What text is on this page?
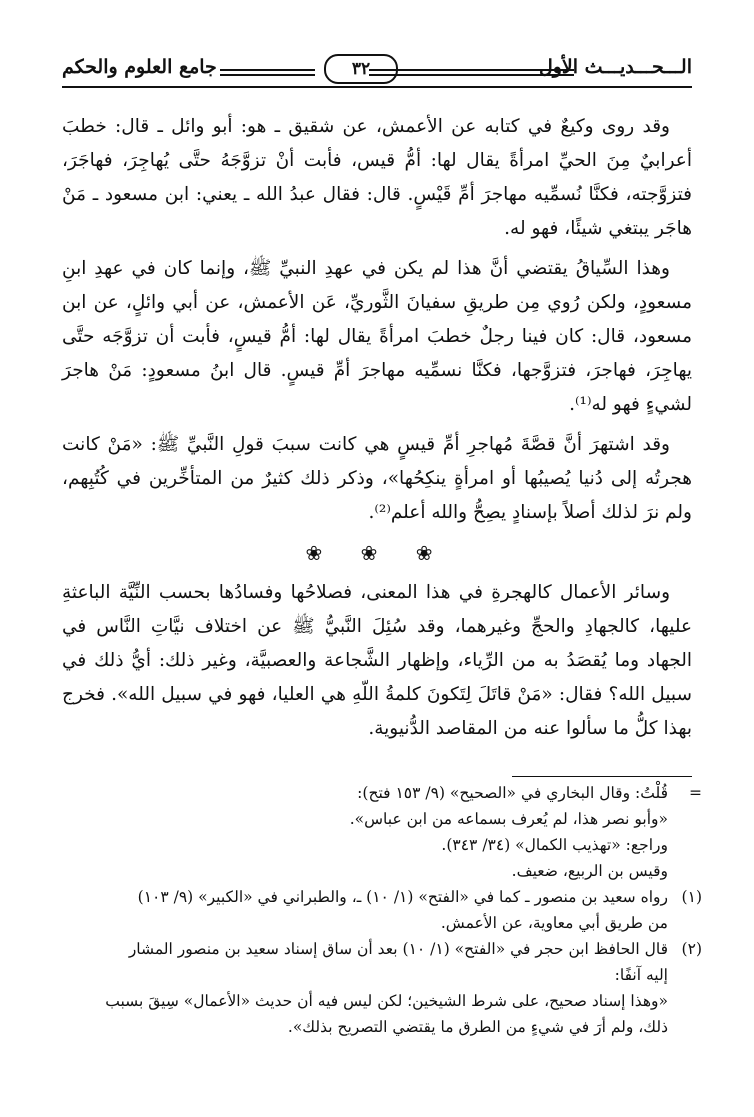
الـــحـــديـــث الأول
٣٢
جامع العلوم والحكم

وقد روى وكيعٌ في كتابه عن الأعمش، عن شقيق ـ هو: أبو وائل ـ قال: خطبَ أعرابيٌ مِنَ الحيِّ امرأةً يقال لها: أمُّ قيس، فأبت أنْ تزوَّجَهُ حتَّى يُهاجِرَ، فهاجَرَ، فتزوَّجته، فكنَّا نُسمِّيه مهاجرَ أمِّ قَيْسٍ. قال: فقال عبدُ الله ـ يعني: ابن مسعود ـ مَنْ هاجَر يبتغي شيئًا، فهو له.

وهذا السِّياقُ يقتضي أنَّ هذا لم يكن في عهدِ النبيِّ ﷺ، وإنما كان في عهدِ ابنِ مسعودٍ، ولكن رُوي مِن طريقِ سفيانَ الثَّوريِّ، عَن الأعمش، عن أبي وائلٍ، عن ابن مسعود، قال: كان فينا رجلٌ خطبَ امرأةً يقال لها: أمُّ قيسٍ، فأبت أن تزوَّجَه حتَّى يهاجِرَ، فهاجرَ، فتزوَّجها، فكنَّا نسمِّيه مهاجرَ أمِّ قيسٍ. قال ابنُ مسعودٍ: مَنْ هاجرَ لشيءٍ فهو له⁽¹⁾.

وقد اشتهرَ أنَّ قصَّةَ مُهاجرِ أمِّ قيسٍ هي كانت سببَ قولِ النَّبيِّ ﷺ: «مَنْ كانت هجرتُه إلى دُنيا يُصيبُها أو امرأةٍ ينكِحُها»، وذكر ذلك كثيرٌ من المتأخِّرين في كُتُبِهم، ولم نرَ لذلك أصلاً بإسنادٍ يصِحُّ والله أعلم⁽²⁾.

❀ ❀ ❀

وسائر الأعمال كالهجرةِ في هذا المعنى، فصلاحُها وفسادُها بحسب النِّيَّة الباعثةِ عليها، كالجهادِ والحجِّ وغيرهما، وقد سُئِلَ النَّبيُّ ﷺ عن اختلاف نيَّاتِ النَّاس في الجهاد وما يُقصَدُ به من الرِّياء، وإظهار الشَّجاعة والعصبيَّة، وغير ذلك: أيُّ ذلك في سبيل الله؟ فقال: «مَنْ قاتَلَ لِتَكونَ كلمةُ اللّهِ هي العليا، فهو في سبيل الله». فخرج بهذا كلُّ ما سألوا عنه من المقاصد الدُّنيوية.

=
قُلْتُ: وقال البخاري في «الصحيح» (٩/ ١٥٣ فتح):
«وأبو نصر هذا، لم يُعرف بسماعه من ابن عباس».
وراجع: «تهذيب الكمال» (٣٤/ ٣٤٣).
وقيس بن الربيع، ضعيف.
(١)
رواه سعيد بن منصور ـ كما في «الفتح» (١/ ١٠) ـ، والطبراني في «الكبير» (٩/ ١٠٣)
من طريق أبي معاوية، عن الأعمش.
(٢)
قال الحافظ ابن حجر في «الفتح» (١/ ١٠) بعد أن ساق إسناد سعيد بن منصور المشار
إليه آنفًا:
«وهذا إسناد صحيح، على شرط الشيخين؛ لكن ليس فيه أن حديث «الأعمال» سِيقَ بسبب
ذلك، ولم أرَ في شيءٍ من الطرق ما يقتضي التصريح بذلك».
